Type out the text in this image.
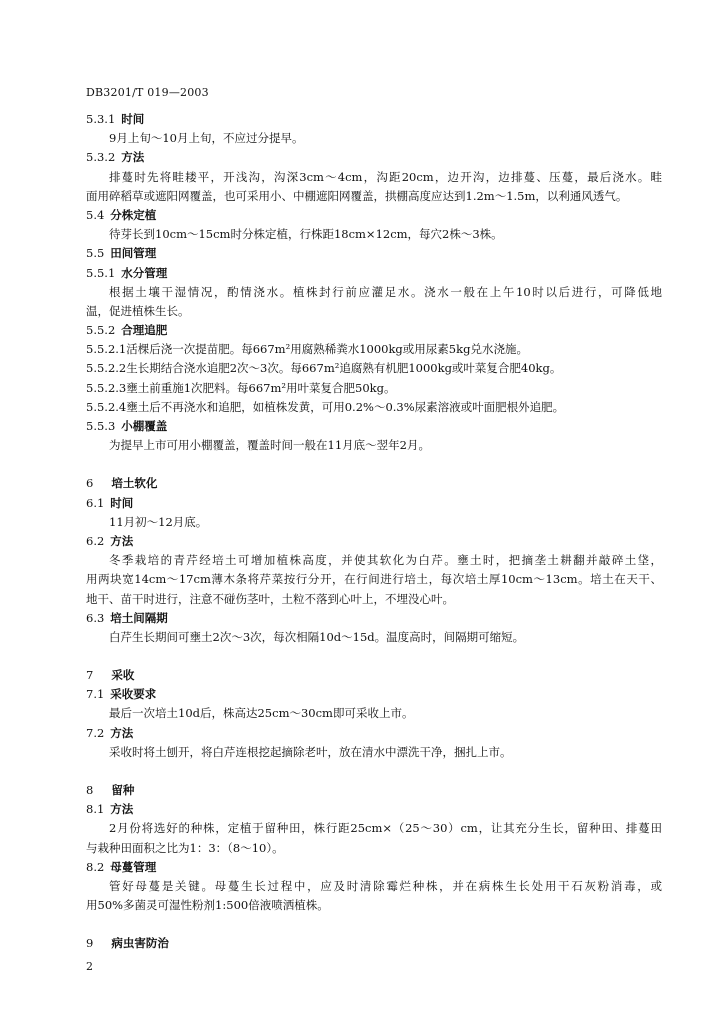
DB3201/T 019—2003
5.3.1 时间
9月上旬～10月上旬，不应过分提早。
5.3.2 方法
排蔓时先将畦耧平，开浅沟，沟深3cm～4cm，沟距20cm，边开沟，边排蔓、压蔓，最后浇水。畦
面用碎稻草或遮阳网覆盖，也可采用小、中棚遮阳网覆盖，拱棚高度应达到1.2m～1.5m，以利通风透气。
5.4 分株定植
待芽长到10cm～15cm时分株定植，行株距18cm×12cm，每穴2株～3株。
5.5 田间管理
5.5.1 水分管理
根据土壤干湿情况，酌情浇水。植株封行前应灌足水。浇水一般在上午10时以后进行，可降低地
温，促进植株生长。
5.5.2 合理追肥
5.5.2.1活棵后浇一次提苗肥。每667m²用腐熟稀粪水1000kg或用尿素5kg兑水浇施。
5.5.2.2生长期结合浇水追肥2次～3次。每667m²追腐熟有机肥1000kg或叶菜复合肥40kg。
5.5.2.3壅土前重施1次肥料。每667m²用叶菜复合肥50kg。
5.5.2.4壅土后不再浇水和追肥，如植株发黄，可用0.2%～0.3%尿素溶液或叶面肥根外追肥。
5.5.3 小棚覆盖
为提早上市可用小棚覆盖，覆盖时间一般在11月底～翌年2月。
6 培土软化
6.1 时间
11月初～12月底。
6.2 方法
冬季栽培的青芹经培土可增加植株高度，并使其软化为白芹。壅土时，把摘垄土耕翻并敲碎土垡，
用两块宽14cm～17cm薄木条将芹菜按行分开，在行间进行培土，每次培土厚10cm～13cm。培土在天干、
地干、苗干时进行，注意不碰伤茎叶，土粒不落到心叶上，不埋没心叶。
6.3 培土间隔期
白芹生长期间可壅土2次～3次，每次相隔10d～15d。温度高时，间隔期可缩短。
7 采收
7.1 采收要求
最后一次培土10d后，株高达25cm～30cm即可采收上市。
7.2 方法
采收时将土刨开，将白芹连根挖起摘除老叶，放在清水中漂洗干净，捆扎上市。
8 留种
8.1 方法
2月份将选好的种株，定植于留种田，株行距25cm×（25～30）cm，让其充分生长，留种田、排蔓田
与栽种田面积之比为1：3：（8～10）。
8.2 母蔓管理
管好母蔓是关键。母蔓生长过程中，应及时清除霉烂种株，并在病株生长处用干石灰粉消毒，或
用50%多菌灵可湿性粉剂1:500倍液喷洒植株。
9 病虫害防治
2
